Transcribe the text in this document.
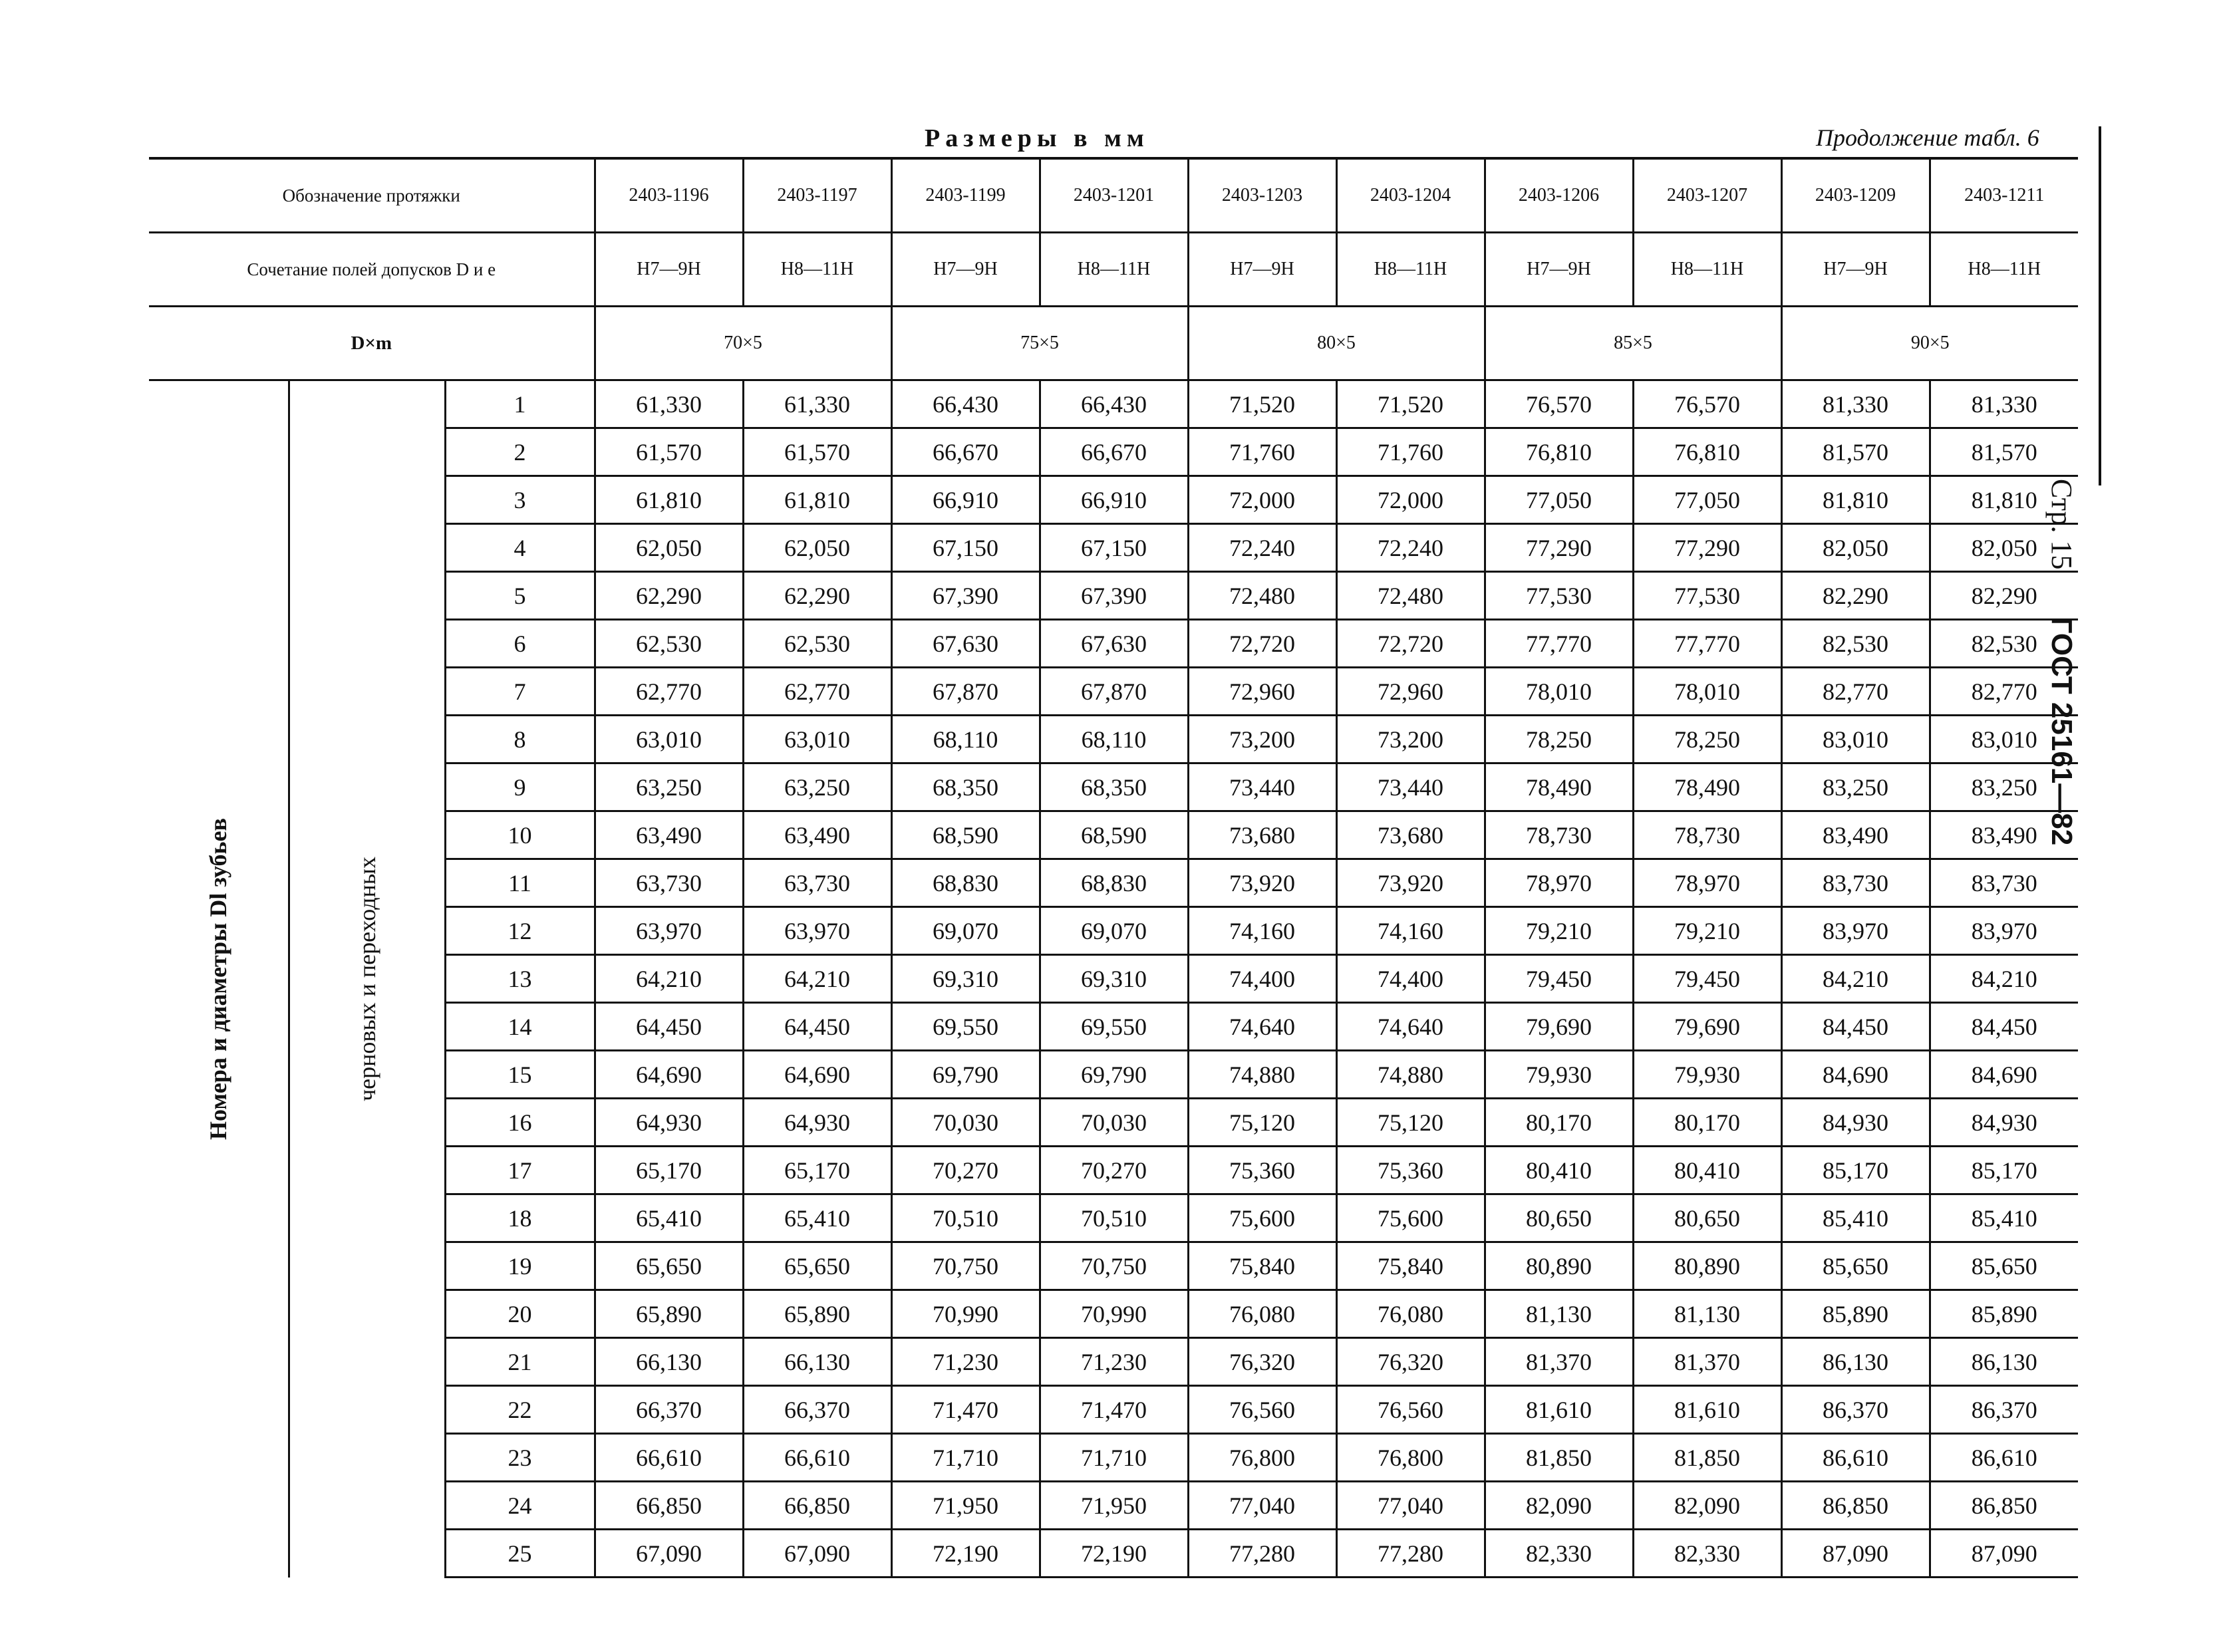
Размеры в мм	Продолжение табл. 6
Стр. 15 ГОСТ 25161—82
Обозначение протяжки			2403-1196	2403-1197	2403-1199	2403-1201	2403-1203	2403-1204	2403-1206	2403-1207	2403-1209	2403-1211

Сочетание полей допусков D и e			H7—9H	H8—11H	H7—9H	H8—11H	H7—9H	H8—11H	H7—9H	H8—11H	H7—9H	H8—11H

D×m			70×5		75×5		80×5		85×5		90×5	

Номера и диаметры Dl зубьев	черновых и переходных	1	61,330	61,330	66,430	66,430	71,520	71,520	76,570	76,570	81,330	81,330
		2	61,570	61,570	66,670	66,670	71,760	71,760	76,810	76,810	81,570	81,570
		3	61,810	61,810	66,910	66,910	72,000	72,000	77,050	77,050	81,810	81,810
		4	62,050	62,050	67,150	67,150	72,240	72,240	77,290	77,290	82,050	82,050
		5	62,290	62,290	67,390	67,390	72,480	72,480	77,530	77,530	82,290	82,290
		6	62,530	62,530	67,630	67,630	72,720	72,720	77,770	77,770	82,530	82,530
		7	62,770	62,770	67,870	67,870	72,960	72,960	78,010	78,010	82,770	82,770
		8	63,010	63,010	68,110	68,110	73,200	73,200	78,250	78,250	83,010	83,010
		9	63,250	63,250	68,350	68,350	73,440	73,440	78,490	78,490	83,250	83,250
		10	63,490	63,490	68,590	68,590	73,680	73,680	78,730	78,730	83,490	83,490
		11	63,730	63,730	68,830	68,830	73,920	73,920	78,970	78,970	83,730	83,730
		12	63,970	63,970	69,070	69,070	74,160	74,160	79,210	79,210	83,970	83,970
		13	64,210	64,210	69,310	69,310	74,400	74,400	79,450	79,450	84,210	84,210
		14	64,450	64,450	69,550	69,550	74,640	74,640	79,690	79,690	84,450	84,450
		15	64,690	64,690	69,790	69,790	74,880	74,880	79,930	79,930	84,690	84,690
		16	64,930	64,930	70,030	70,030	75,120	75,120	80,170	80,170	84,930	84,930
		17	65,170	65,170	70,270	70,270	75,360	75,360	80,410	80,410	85,170	85,170
		18	65,410	65,410	70,510	70,510	75,600	75,600	80,650	80,650	85,410	85,410
		19	65,650	65,650	70,750	70,750	75,840	75,840	80,890	80,890	85,650	85,650
		20	65,890	65,890	70,990	70,990	76,080	76,080	81,130	81,130	85,890	85,890
		21	66,130	66,130	71,230	71,230	76,320	76,320	81,370	81,370	86,130	86,130
		22	66,370	66,370	71,470	71,470	76,560	76,560	81,610	81,610	86,370	86,370
		23	66,610	66,610	71,710	71,710	76,800	76,800	81,850	81,850	86,610	86,610
		24	66,850	66,850	71,950	71,950	77,040	77,040	82,090	82,090	86,850	86,850
		25	67,090	67,090	72,190	72,190	77,280	77,280	82,330	82,330	87,090	87,090
